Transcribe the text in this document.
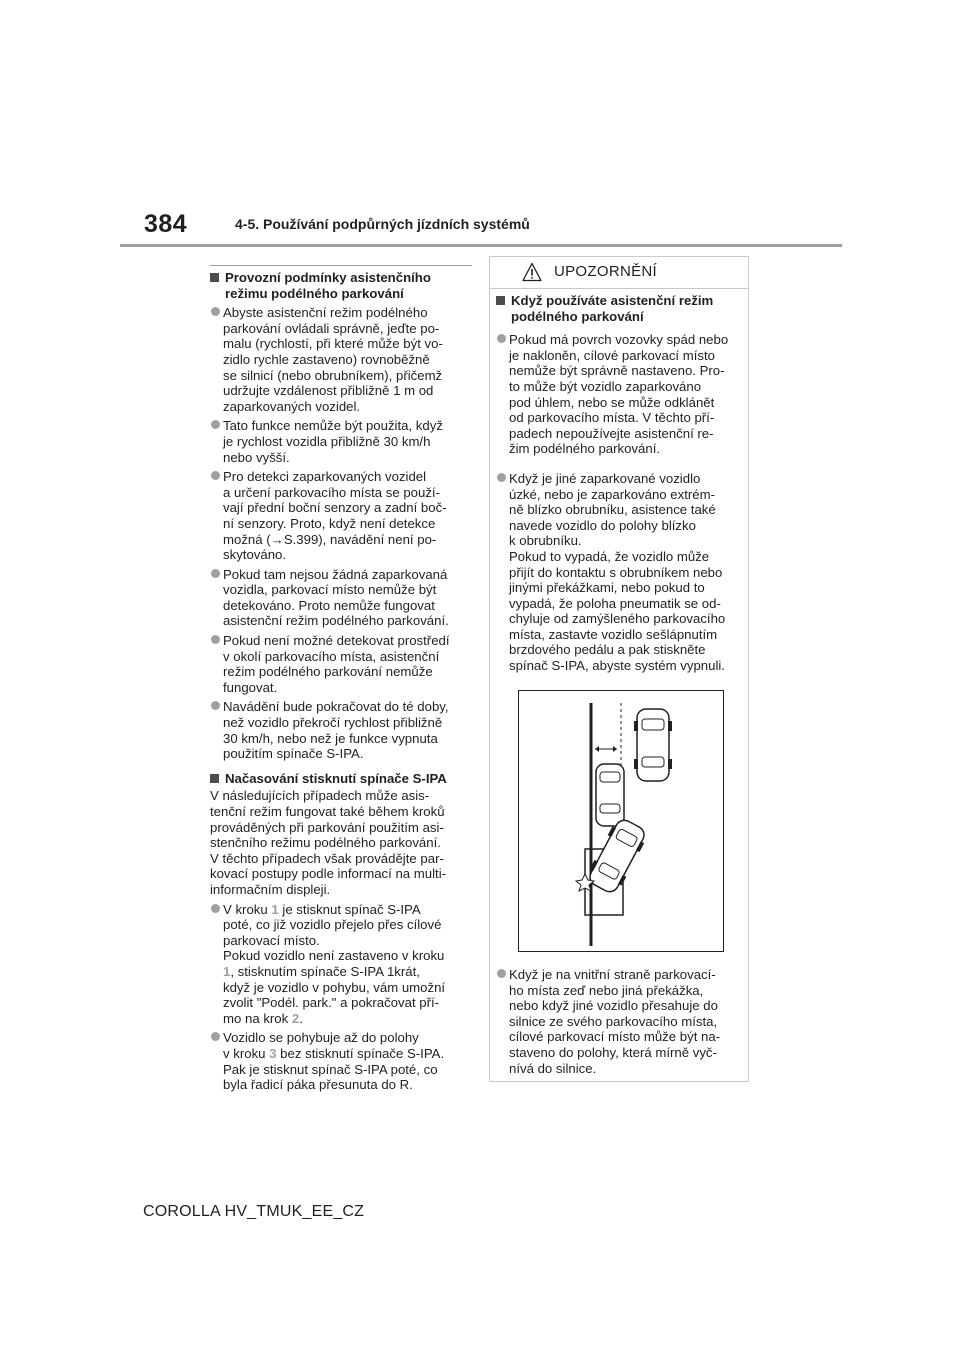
384	4-5. Používání podpůrných jízdních systémů
Provozní podmínky asistenčního režimu podélného parkování
Abyste asistenční režim podélného
parkování ovládali správně, jeďte po-
malu (rychlostí, při které může být vo-
zidlo rychle zastaveno) rovnoběžně
se silnicí (nebo obrubníkem), přičemž
udržujte vzdálenost přibližně 1 m od
zaparkovaných vozidel.
Tato funkce nemůže být použita, když
je rychlost vozidla přibližně 30 km/h
nebo vyšší.
Pro detekci zaparkovaných vozidel
a určení parkovacího místa se použí-
vají přední boční senzory a zadní boč-
ní senzory. Proto, když není detekce
možná (→S.399), navádění není po-
skytováno.
Pokud tam nejsou žádná zaparkovaná
vozidla, parkovací místo nemůže být
detekováno. Proto nemůže fungovat
asistenční režim podélného parkování.
Pokud není možné detekovat prostředí
v okolí parkovacího místa, asistenční
režim podélného parkování nemůže
fungovat.
Navádění bude pokračovat do té doby,
než vozidlo překročí rychlost přibližně
30 km/h, nebo než je funkce vypnuta
použitím spínače S-IPA.
Načasování stisknutí spínače S-IPA
V následujících případech může asis-
tenční režim fungovat také během kroků
prováděných při parkování použitím asi-
stenčního režimu podélného parkování.
V těchto případech však provádějte par-
kovací postupy podle informací na multi-
informačním displeji.
V kroku 1 je stisknut spínač S-IPA
poté, co již vozidlo přejelo přes cílové
parkovací místo.
Pokud vozidlo není zastaveno v kroku
1, stisknutím spínače S-IPA 1krát,
když je vozidlo v pohybu, vám umožní
zvolit "Podél. park." a pokračovat pří-
mo na krok 2.
Vozidlo se pohybuje až do polohy
v kroku 3 bez stisknutí spínače S-IPA.
Pak je stisknut spínač S-IPA poté, co
byla řadicí páka přesunuta do R.
UPOZORNĚNÍ
Když používáte asistenční režim podélného parkování
Pokud má povrch vozovky spád nebo
je nakloněn, cílové parkovací místo
nemůže být správně nastaveno. Pro-
to může být vozidlo zaparkováno
pod úhlem, nebo se může odklánět
od parkovacího místa. V těchto pří-
padech nepoužívejte asistenční re-
žim podélného parkování.
Když je jiné zaparkované vozidlo
úzké, nebo je zaparkováno extrém-
ně blízko obrubníku, asistence také
navede vozidlo do polohy blízko
k obrubníku.
Pokud to vypadá, že vozidlo může
přijít do kontaktu s obrubníkem nebo
jinými překážkami, nebo pokud to
vypadá, že poloha pneumatik se od-
chyluje od zamýšleného parkovacího
místa, zastavte vozidlo sešlápnutím
brzdového pedálu a pak stiskněte
spínač S-IPA, abyste systém vypnuli.
Když je na vnitřní straně parkovací-
ho místa zeď nebo jiná překážka,
nebo když jiné vozidlo přesahuje do
silnice ze svého parkovacího místa,
cílové parkovací místo může být na-
staveno do polohy, která mírně vyč-
nívá do silnice.
COROLLA HV_TMUK_EE_CZ
